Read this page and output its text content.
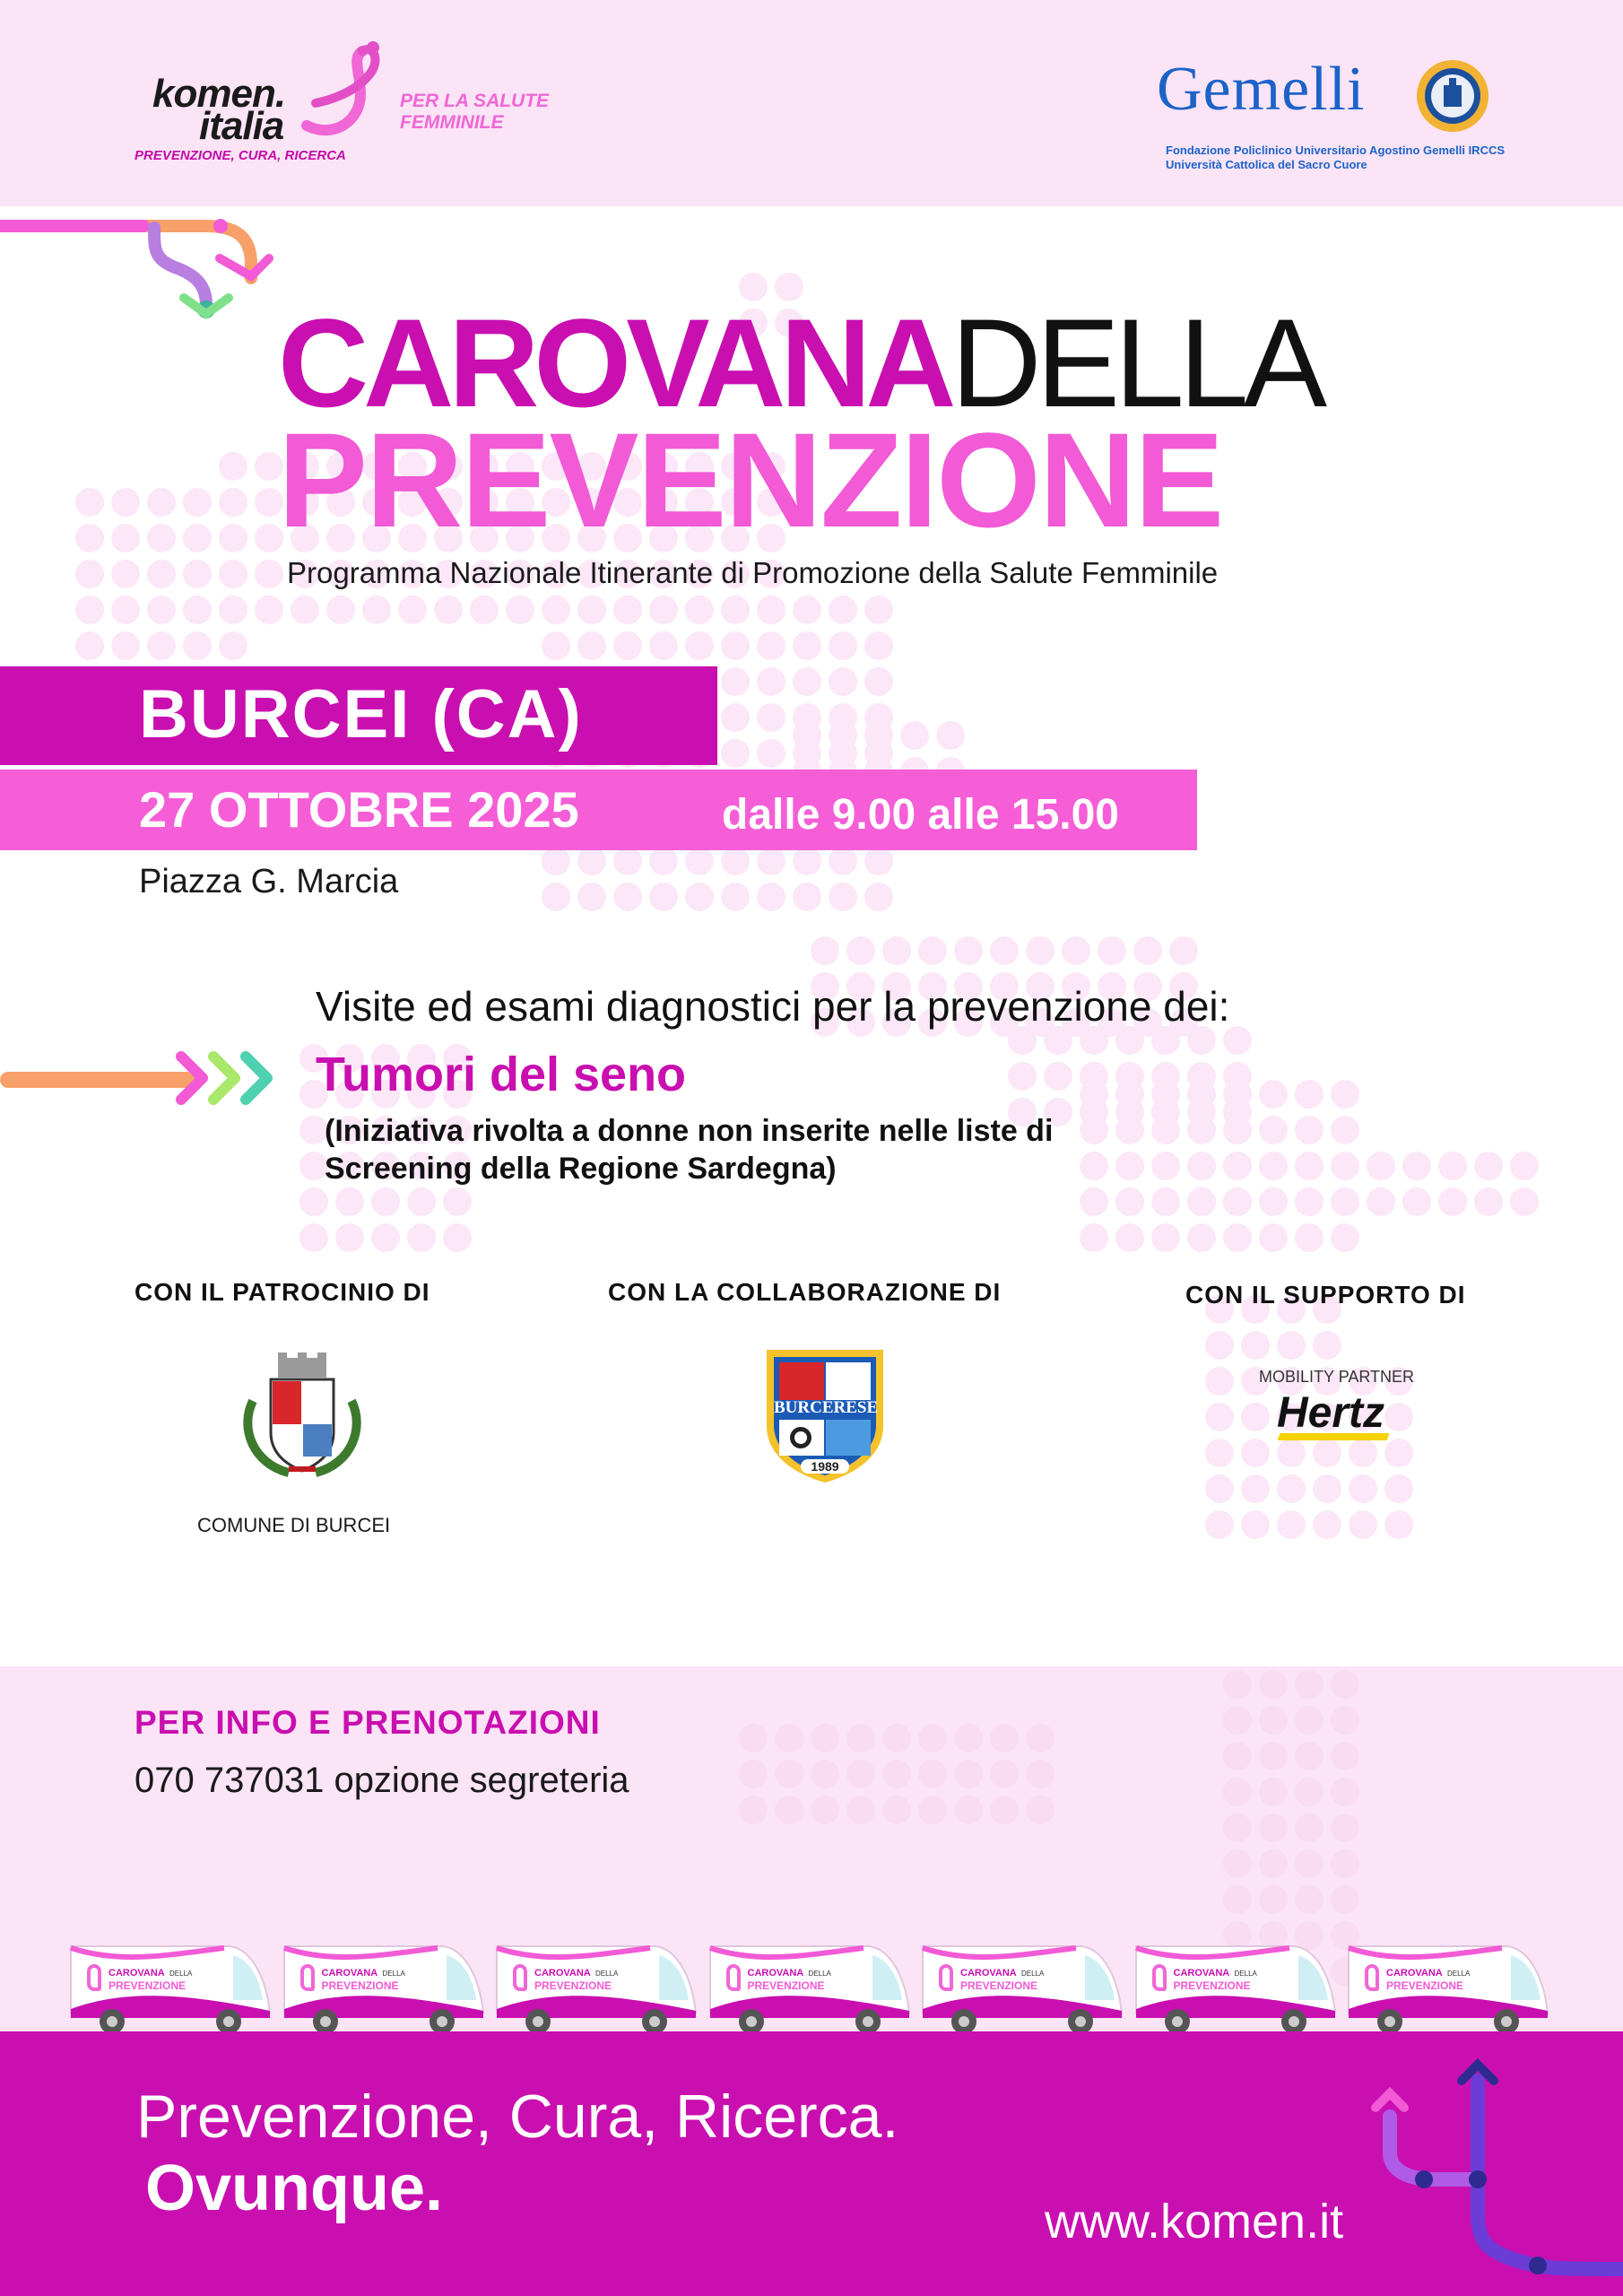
komen.
italia
PER LA SALUTE FEMMINILE
PREVENZIONE, CURA, RICERCA
Gemelli
Fondazione Policlinico Universitario Agostino Gemelli IRCCS
Università Cattolica del Sacro Cuore
CAROVANADELLA
PREVENZIONE
Programma Nazionale Itinerante di Promozione della Salute Femminile
BURCEI (CA)
27 OTTOBRE 2025	dalle 9.00 alle 15.00
Piazza G. Marcia
Visite ed esami diagnostici per la prevenzione dei:
Tumori del seno
(Iniziativa rivolta a donne non inserite nelle liste di
Screening della Regione Sardegna)
CON IL PATROCINIO DI	CON LA COLLABORAZIONE DI	CON IL SUPPORTO DI
COMUNE DI BURCEI
BURCERESE
1989
MOBILITY PARTNER
Hertz
PER INFO E PRENOTAZIONI
070 737031 opzione segreteria
CAROVANA DELLA
PREVENZIONE
CAROVANA DELLA
PREVENZIONE
CAROVANA DELLA
PREVENZIONE
CAROVANA DELLA
PREVENZIONE
CAROVANA DELLA
PREVENZIONE
CAROVANA DELLA
PREVENZIONE
CAROVANA DELLA
PREVENZIONE
Prevenzione, Cura, Ricerca.
Ovunque.	www.komen.it
